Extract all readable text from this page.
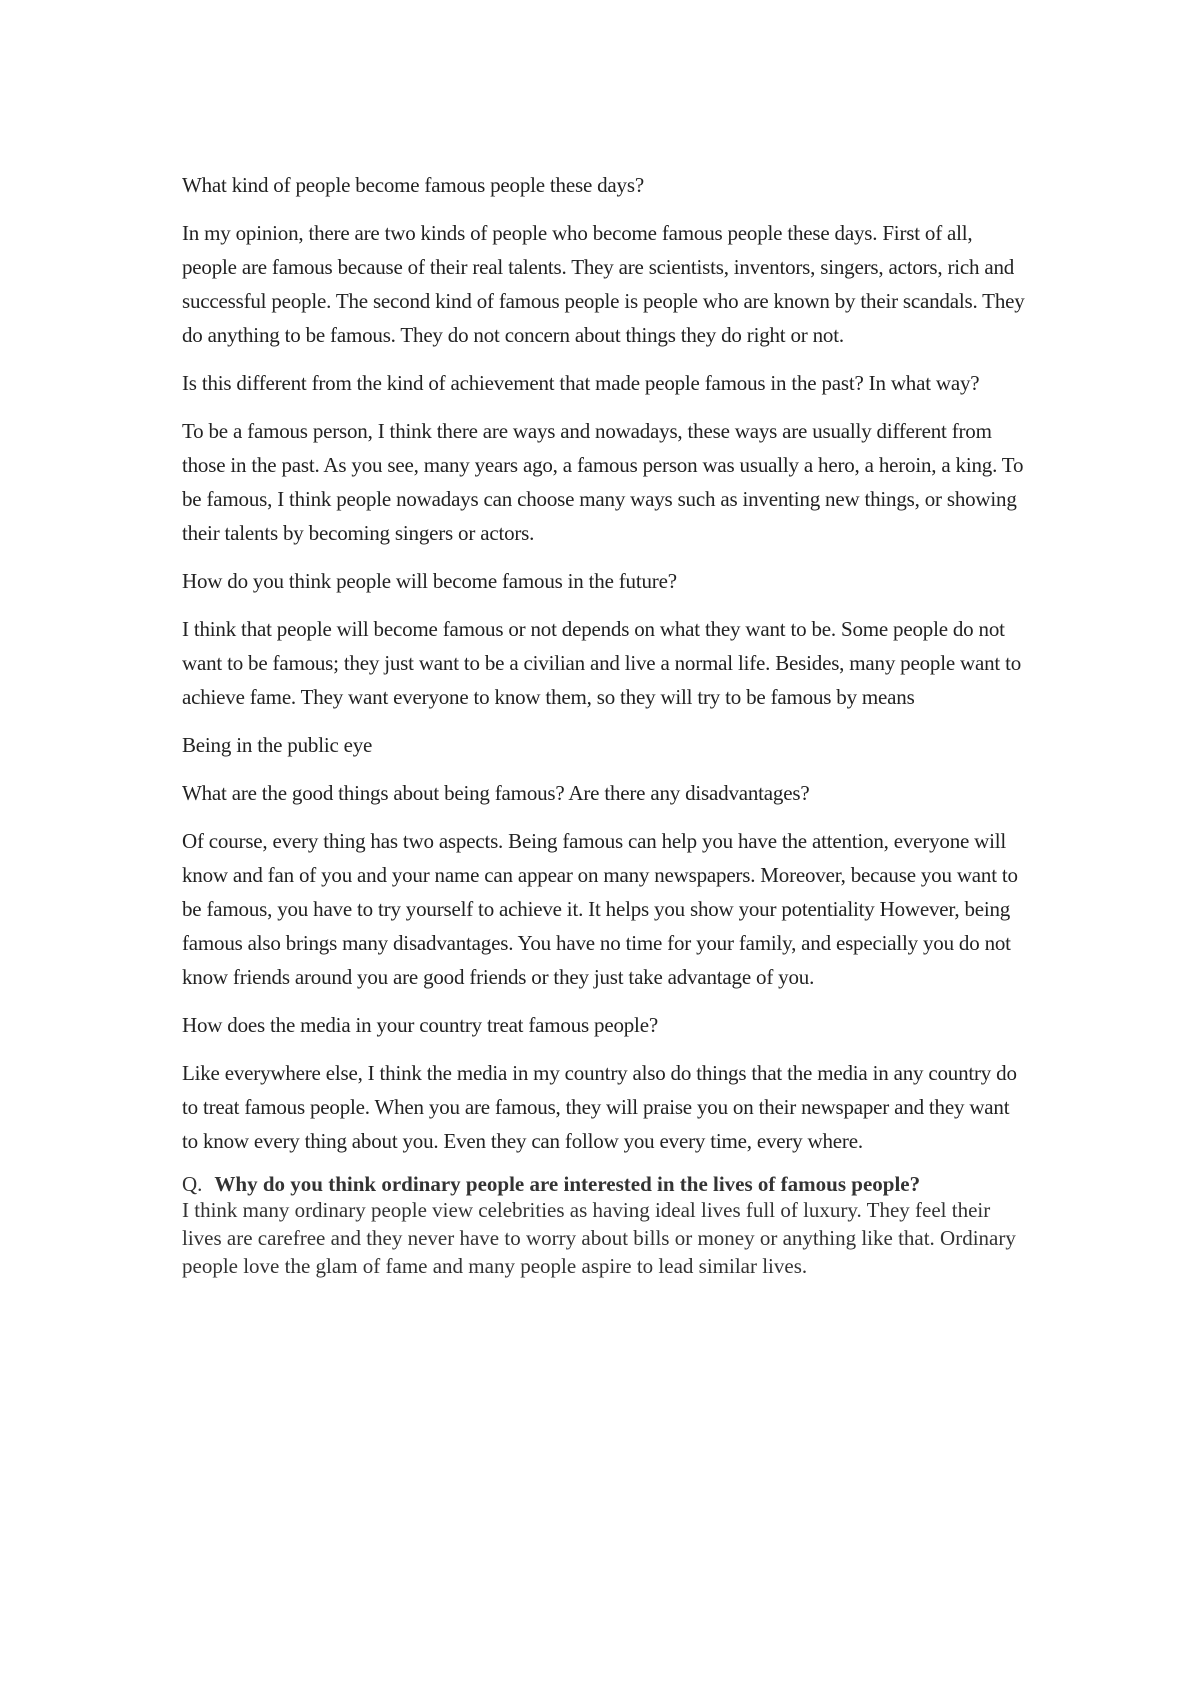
What kind of people become famous people these days?

In my opinion, there are two kinds of people who become famous people these days. First of all, people are famous because of their real talents. They are scientists, inventors, singers, actors, rich and successful people. The second kind of famous people is people who are known by their scandals. They do anything to be famous. They do not concern about things they do right or not.

Is this different from the kind of achievement that made people famous in the past? In what way?

To be a famous person, I think there are ways and nowadays, these ways are usually different from those in the past. As you see, many years ago, a famous person was usually a hero, a heroin, a king. To be famous, I think people nowadays can choose many ways such as inventing new things, or showing their talents by becoming singers or actors.

How do you think people will become famous in the future?

I think that people will become famous or not depends on what they want to be. Some people do not want to be famous; they just want to be a civilian and live a normal life. Besides, many people want to achieve fame. They want everyone to know them, so they will try to be famous by means

Being in the public eye

What are the good things about being famous? Are there any disadvantages?

Of course, every thing has two aspects. Being famous can help you have the attention, everyone will know and fan of you and your name can appear on many newspapers. Moreover, because you want to be famous, you have to try yourself to achieve it. It helps you show your potentiality However, being famous also brings many disadvantages. You have no time for your family, and especially you do not know friends around you are good friends or they just take advantage of you.

How does the media in your country treat famous people?

Like everywhere else, I think the media in my country also do things that the media in any country do to treat famous people. When you are famous, they will praise you on their newspaper and they want to know every thing about you. Even they can follow you every time, every where.

Q. Why do you think ordinary people are interested in the lives of famous people?

I think many ordinary people view celebrities as having ideal lives full of luxury. They feel their lives are carefree and they never have to worry about bills or money or anything like that. Ordinary people love the glam of fame and many people aspire to lead similar lives.
